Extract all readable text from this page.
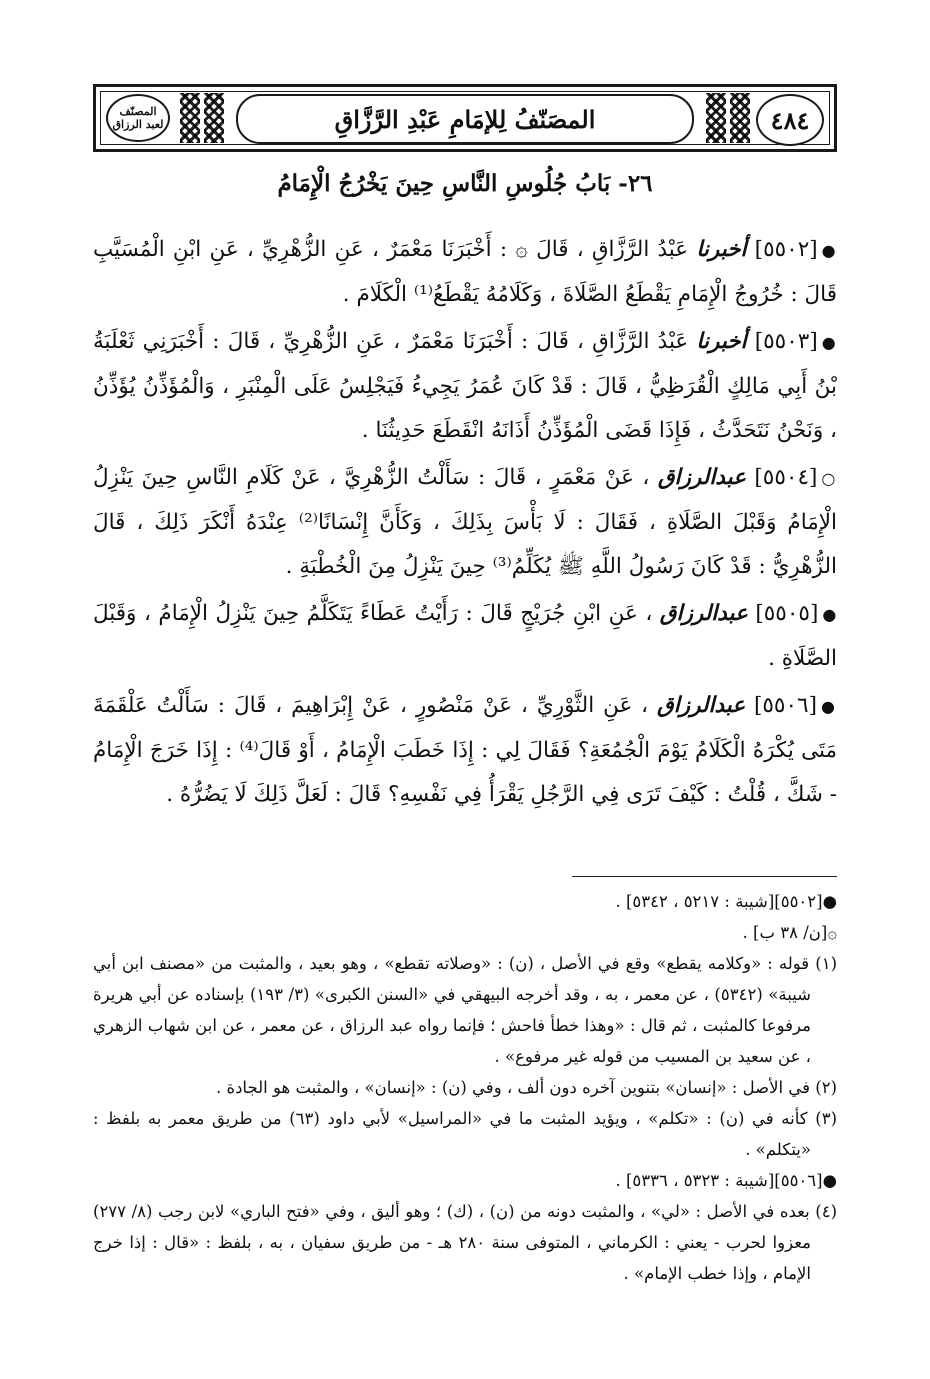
٤٨٤
المصَنّفُ لِلإمَامِ عَبْدِ الرَّزَّاقِ
المصنّف لعبد الرزاق
٢٦- بَابُ جُلُوسِ النَّاسِ حِينَ يَخْرُجُ الْإِمَامُ

●[٥٥٠٢] أخبرنا عَبْدُ الرَّزَّاقِ ، قَالَ ۞ : أَخْبَرَنَا مَعْمَرٌ ، عَنِ الزُّهْرِيِّ ، عَنِ ابْنِ الْمُسَيَّبِ قَالَ : خُرُوجُ الْإِمَامِ يَقْطَعُ الصَّلَاةَ ، وَكَلَامُهُ يَقْطَعُ⁽¹⁾ الْكَلَامَ .

●[٥٥٠٣] أخبرنا عَبْدُ الرَّزَّاقِ ، قَالَ : أَخْبَرَنَا مَعْمَرٌ ، عَنِ الزُّهْرِيِّ ، قَالَ : أَخْبَرَنِي ثَعْلَبَةُ بْنُ أَبِي مَالِكٍ الْقُرَظِيُّ ، قَالَ : قَدْ كَانَ عُمَرُ يَجِيءُ فَيَجْلِسُ عَلَى الْمِنْبَرِ ، وَالْمُؤَذِّنُ يُؤَذِّنُ ، وَنَحْنُ نَتَحَدَّثُ ، فَإِذَا قَضَى الْمُؤَذِّنُ أَذَانَهُ انْقَطَعَ حَدِيثُنَا .

○[٥٥٠٤] عبدالرزاق ، عَنْ مَعْمَرٍ ، قَالَ : سَأَلْتُ الزُّهْرِيَّ ، عَنْ كَلَامِ النَّاسِ حِينَ يَنْزِلُ الْإِمَامُ وَقَبْلَ الصَّلَاةِ ، فَقَالَ : لَا بَأْسَ بِذَلِكَ ، وَكَأَنَّ إِنْسَانًا⁽²⁾ عِنْدَهُ أَنْكَرَ ذَلِكَ ، قَالَ الزُّهْرِيُّ : قَدْ كَانَ رَسُولُ اللَّهِ ﷺ يُكَلِّمُ⁽³⁾ حِينَ يَنْزِلُ مِنَ الْخُطْبَةِ .

●[٥٥٠٥] عبدالرزاق ، عَنِ ابْنِ جُرَيْجٍ قَالَ : رَأَيْتُ عَطَاءً يَتَكَلَّمُ حِينَ يَنْزِلُ الْإِمَامُ ، وَقَبْلَ الصَّلَاةِ .

●[٥٥٠٦] عبدالرزاق ، عَنِ الثَّوْرِيِّ ، عَنْ مَنْصُورٍ ، عَنْ إِبْرَاهِيمَ ، قَالَ : سَأَلْتُ عَلْقَمَةَ مَتَى يُكْرَهُ الْكَلَامُ يَوْمَ الْجُمُعَةِ؟ فَقَالَ لِي : إِذَا خَطَبَ الْإِمَامُ ، أَوْ قَالَ⁽⁴⁾ : إِذَا خَرَجَ الْإِمَامُ - شَكَّ ، قُلْتُ : كَيْفَ تَرَى فِي الرَّجُلِ يَقْرَأُ فِي نَفْسِهِ؟ قَالَ : لَعَلَّ ذَلِكَ لَا يَضُرُّهُ .

●[٥٥٠٢][شيبة : ٥٢١٧ ، ٥٣٤٢] .

۞[ن/ ٣٨ ب] .

(١) قوله : «وكلامه يقطع» وقع في الأصل ، (ن) : «وصلاته تقطع» ، وهو بعيد ، والمثبت من «مصنف ابن أبي شيبة» (٥٣٤٢) ، عن معمر ، به ، وقد أخرجه البيهقي في «السنن الكبرى» (٣/ ١٩٣) بإسناده عن أبي هريرة مرفوعا كالمثبت ، ثم قال : «وهذا خطأ فاحش ؛ فإنما رواه عبد الرزاق ، عن معمر ، عن ابن شهاب الزهري ، عن سعيد بن المسيب من قوله غير مرفوع» .

(٢) في الأصل : «إنسان» بتنوين آخره دون ألف ، وفي (ن) : «إنسان» ، والمثبت هو الجادة .

(٣) كأنه في (ن) : «تكلم» ، ويؤيد المثبت ما في «المراسيل» لأبي داود (٦٣) من طريق معمر به بلفظ : «يتكلم» .

●[٥٥٠٦][شيبة : ٥٣٢٣ ، ٥٣٣٦] .

(٤) بعده في الأصل : «لي» ، والمثبت دونه من (ن) ، (ك) ؛ وهو أليق ، وفي «فتح الباري» لابن رجب (٨/ ٢٧٧) معزوا لحرب - يعني : الكرماني ، المتوفى سنة ٢٨٠ هـ - من طريق سفيان ، به ، بلفظ : «قال : إذا خرج الإمام ، وإذا خطب الإمام» .
